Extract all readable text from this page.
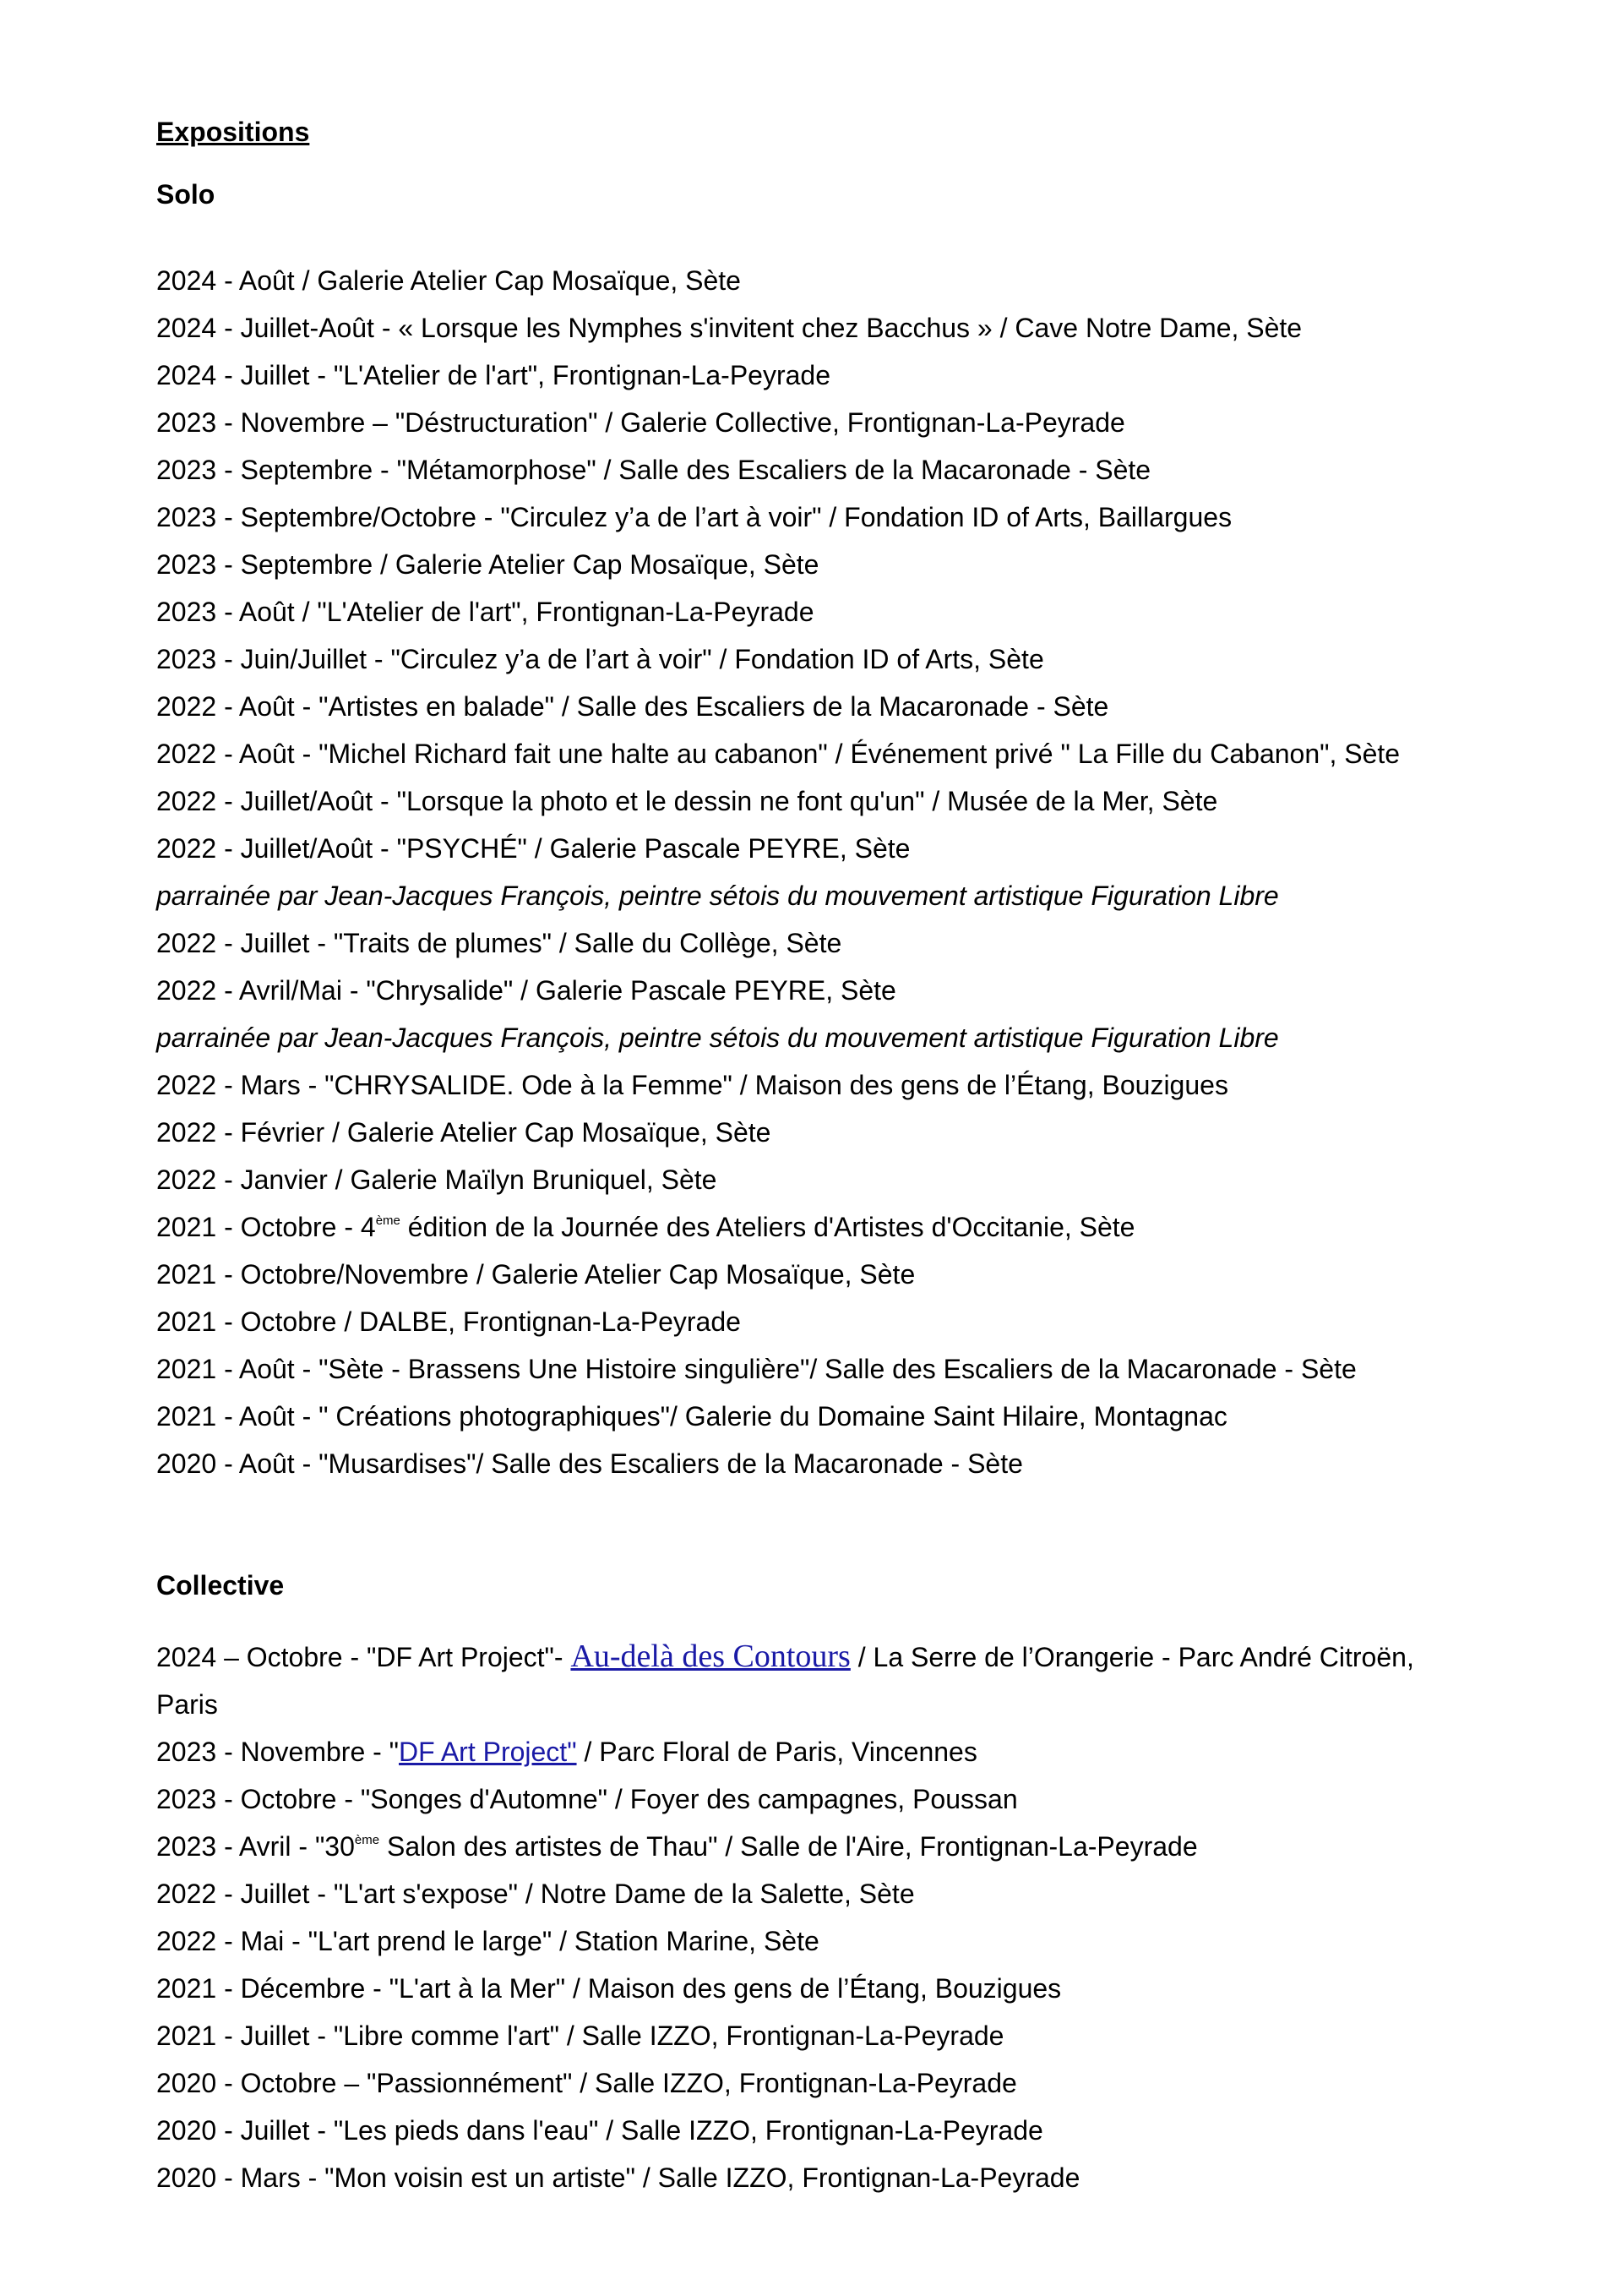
Expositions
Solo
2024 - Août / Galerie Atelier Cap Mosaïque, Sète
2024 - Juillet-Août - « Lorsque les Nymphes s'invitent chez Bacchus » / Cave Notre Dame, Sète
2024 - Juillet - "L'Atelier de l'art", Frontignan-La-Peyrade
2023 - Novembre – "Déstructuration" / Galerie Collective, Frontignan-La-Peyrade
2023 - Septembre - "Métamorphose" / Salle des Escaliers de la Macaronade - Sète
2023 - Septembre/Octobre - "Circulez y’a de l’art à voir" / Fondation ID of Arts, Baillargues
2023 - Septembre / Galerie Atelier Cap Mosaïque, Sète
2023 - Août / "L'Atelier de l'art", Frontignan-La-Peyrade
2023 - Juin/Juillet - "Circulez y’a de l’art à voir" / Fondation ID of Arts, Sète
2022 - Août - "Artistes en balade" / Salle des Escaliers de la Macaronade - Sète
2022 - Août - "Michel Richard fait une halte au cabanon" / Événement privé " La Fille du Cabanon", Sète
2022 - Juillet/Août - "Lorsque la photo et le dessin ne font qu'un" / Musée de la Mer, Sète
2022 - Juillet/Août - "PSYCHÉ" / Galerie Pascale PEYRE, Sète
parrainée par Jean-Jacques François, peintre sétois du mouvement artistique Figuration Libre
2022 - Juillet - "Traits de plumes" / Salle du Collège, Sète
2022 - Avril/Mai - "Chrysalide" / Galerie Pascale PEYRE, Sète
parrainée par Jean-Jacques François, peintre sétois du mouvement artistique Figuration Libre
2022 - Mars - "CHRYSALIDE. Ode à la Femme" / Maison des gens de l’Étang, Bouzigues
2022 - Février / Galerie Atelier Cap Mosaïque, Sète
2022 - Janvier / Galerie Maïlyn Bruniquel, Sète
2021 - Octobre - 4ème édition de la Journée des Ateliers d'Artistes d'Occitanie, Sète
2021 - Octobre/Novembre / Galerie Atelier Cap Mosaïque, Sète
2021 - Octobre / DALBE, Frontignan-La-Peyrade
2021 - Août - "Sète - Brassens Une Histoire singulière"/ Salle des Escaliers de la Macaronade - Sète
2021 - Août - " Créations photographiques"/ Galerie du Domaine Saint Hilaire, Montagnac
2020 - Août - "Musardises"/ Salle des Escaliers de la Macaronade - Sète
Collective
2024 – Octobre - "DF Art Project"- Au-delà des Contours / La Serre de l’Orangerie - Parc André Citroën, Paris
2023 - Novembre - "DF Art Project" / Parc Floral de Paris, Vincennes
2023 - Octobre - "Songes d'Automne" / Foyer des campagnes, Poussan
2023 - Avril - "30ème Salon des artistes de Thau" / Salle de l'Aire, Frontignan-La-Peyrade
2022 - Juillet - "L'art s'expose" / Notre Dame de la Salette, Sète
2022 - Mai - "L'art prend le large" / Station Marine, Sète
2021 - Décembre - "L'art à la Mer" / Maison des gens de l’Étang, Bouzigues
2021 - Juillet - "Libre comme l'art" / Salle IZZO, Frontignan-La-Peyrade
2020 - Octobre – "Passionnément" / Salle IZZO, Frontignan-La-Peyrade
2020 - Juillet - "Les pieds dans l'eau" / Salle IZZO, Frontignan-La-Peyrade
2020 - Mars - "Mon voisin est un artiste" / Salle IZZO, Frontignan-La-Peyrade
